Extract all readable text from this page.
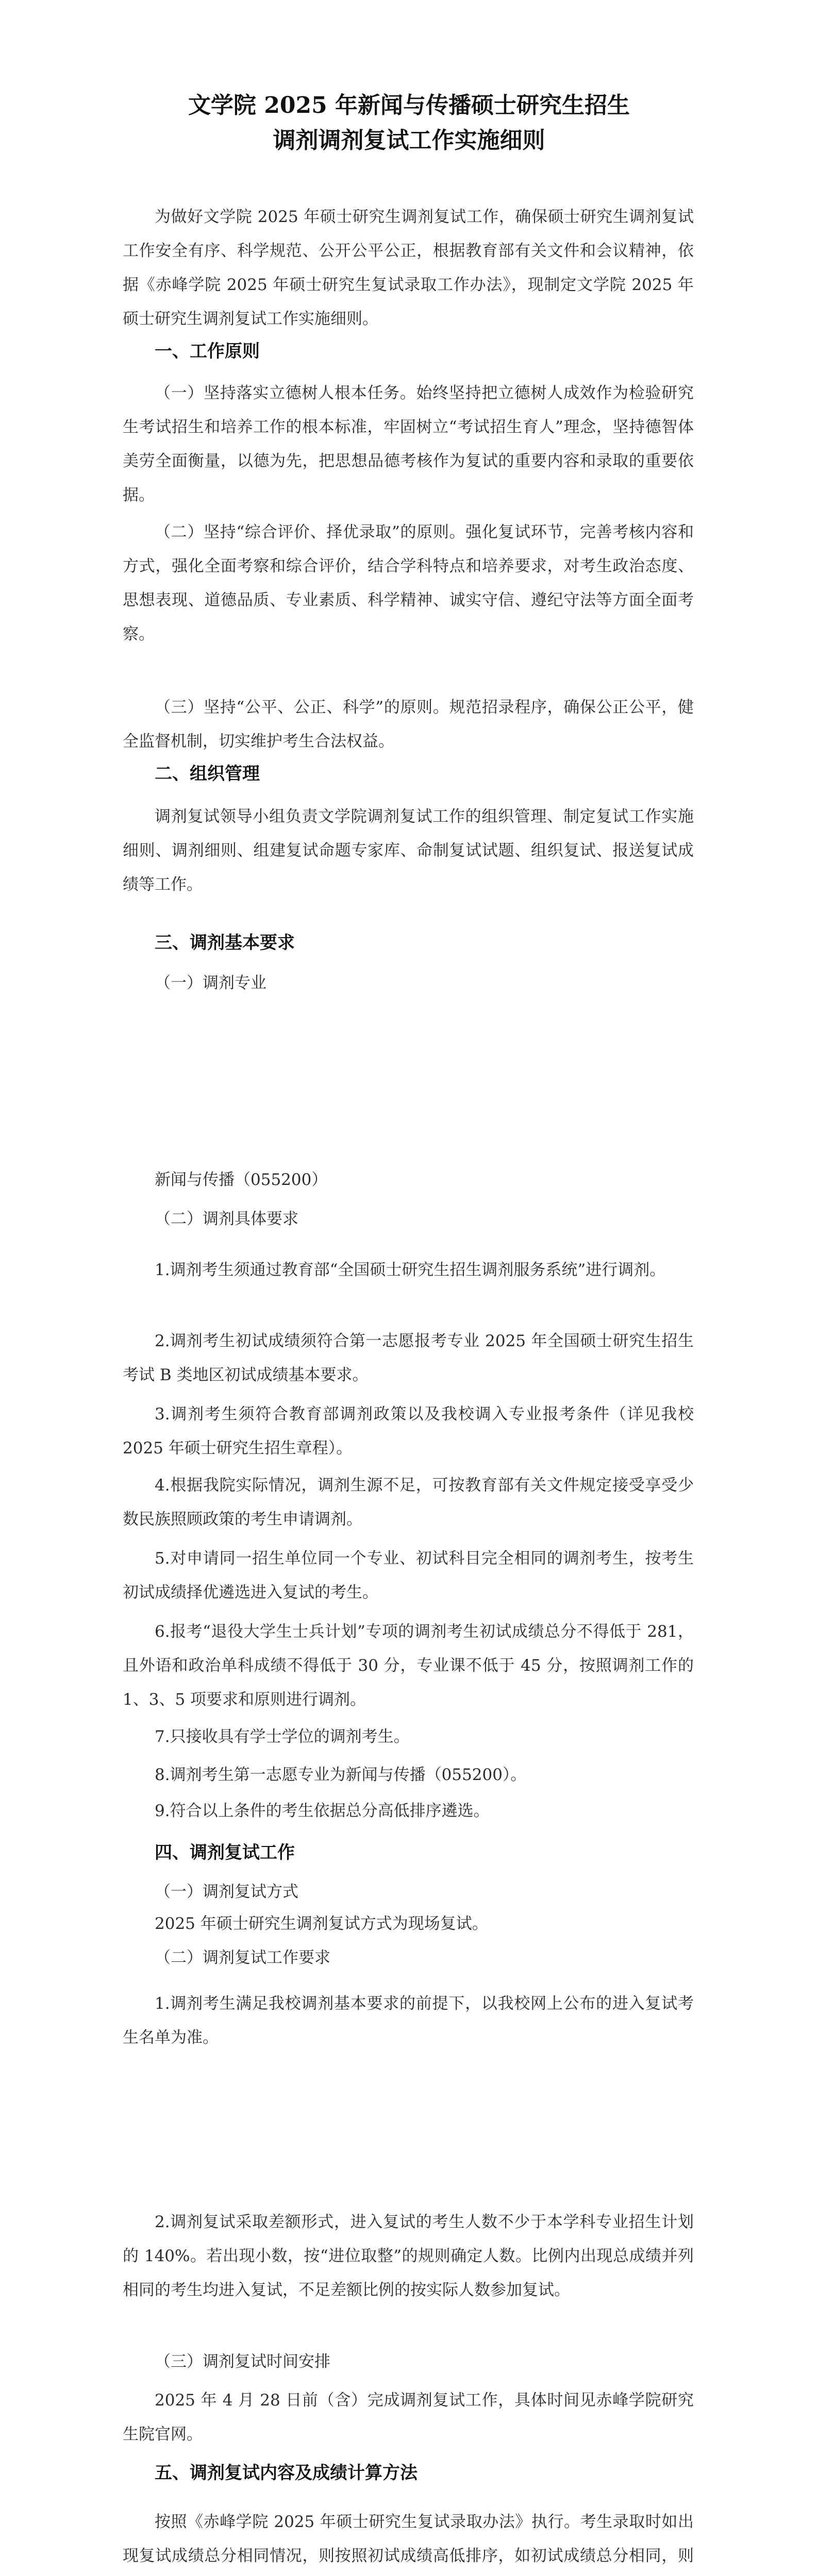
文学院 2025 年新闻与传播硕士研究生招生
调剂调剂复试工作实施细则

为做好文学院 2025 年硕士研究生调剂复试工作，确保硕士研究生调剂复试工作安全有序、科学规范、公开公平公正，根据教育部有关文件和会议精神，依据《赤峰学院 2025 年硕士研究生复试录取工作办法》，现制定文学院 2025 年硕士研究生调剂复试工作实施细则。

一、工作原则

（一）坚持落实立德树人根本任务。始终坚持把立德树人成效作为检验研究生考试招生和培养工作的根本标准，牢固树立“考试招生育人”理念，坚持德智体美劳全面衡量，以德为先，把思想品德考核作为复试的重要内容和录取的重要依据。

（二）坚持“综合评价、择优录取”的原则。强化复试环节，完善考核内容和方式，强化全面考察和综合评价，结合学科特点和培养要求，对考生政治态度、思想表现、道德品质、专业素质、科学精神、诚实守信、遵纪守法等方面全面考察。

（三）坚持“公平、公正、科学”的原则。规范招录程序，确保公正公平，健全监督机制，切实维护考生合法权益。

二、组织管理

调剂复试领导小组负责文学院调剂复试工作的组织管理、制定复试工作实施细则、调剂细则、组建复试命题专家库、命制复试试题、组织复试、报送复试成绩等工作。

三、调剂基本要求

（一）调剂专业

新闻与传播（055200）

（二）调剂具体要求

1.调剂考生须通过教育部“全国硕士研究生招生调剂服务系统”进行调剂。

2.调剂考生初试成绩须符合第一志愿报考专业 2025 年全国硕士研究生招生考试 B 类地区初试成绩基本要求。

3.调剂考生须符合教育部调剂政策以及我校调入专业报考条件（详见我校 2025 年硕士研究生招生章程）。

4.根据我院实际情况，调剂生源不足，可按教育部有关文件规定接受享受少数民族照顾政策的考生申请调剂。

5.对申请同一招生单位同一个专业、初试科目完全相同的调剂考生，按考生初试成绩择优遴选进入复试的考生。

6.报考“退役大学生士兵计划”专项的调剂考生初试成绩总分不得低于 281，且外语和政治单科成绩不得低于 30 分，专业课不低于 45 分，按照调剂工作的 1、3、5 项要求和原则进行调剂。

7.只接收具有学士学位的调剂考生。

8.调剂考生第一志愿专业为新闻与传播（055200）。

9.符合以上条件的考生依据总分高低排序遴选。

四、调剂复试工作

（一）调剂复试方式

2025 年硕士研究生调剂复试方式为现场复试。

（二）调剂复试工作要求

1.调剂考生满足我校调剂基本要求的前提下，以我校网上公布的进入复试考生名单为准。

2.调剂复试采取差额形式，进入复试的考生人数不少于本学科专业招生计划的 140%。若出现小数，按“进位取整”的规则确定人数。比例内出现总成绩并列相同的考生均进入复试，不足差额比例的按实际人数参加复试。

（三）调剂复试时间安排

2025 年 4 月 28 日前（含）完成调剂复试工作，具体时间见赤峰学院研究生院官网。

五、调剂复试内容及成绩计算方法

按照《赤峰学院 2025 年硕士研究生复试录取办法》执行。考生录取时如出现复试成绩总分相同情况，则按照初试成绩高低排序，如初试成绩总分相同，则
